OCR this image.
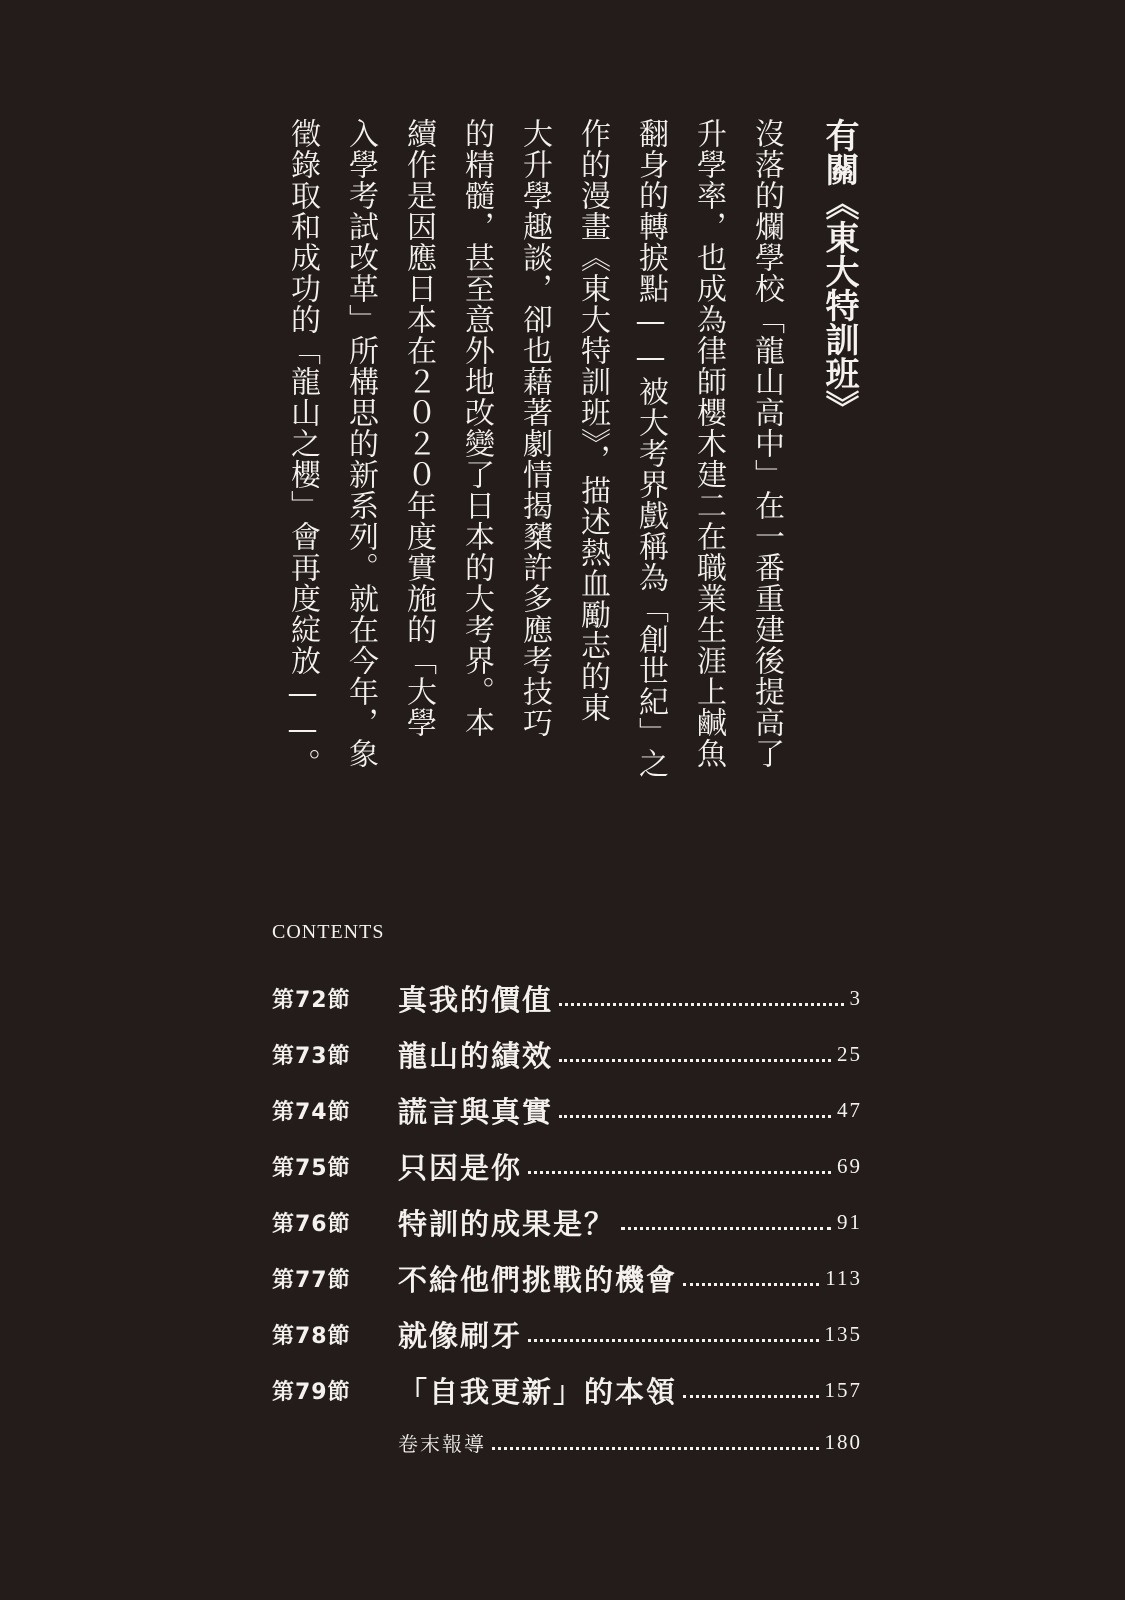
有關《東大特訓班》
沒落的爛學校「龍山高中」在一番重建後提高了
升學率，也成為律師櫻木建二在職業生涯上鹹魚
翻身的轉捩點——被大考界戲稱為「創世紀」之
作的漫畫《東大特訓班》，描述熱血勵志的東
大升學趣談，卻也藉著劇情揭櫫許多應考技巧
的精髓，甚至意外地改變了日本的大考界。本
續作是因應日本在２０２０年度實施的「大學
入學考試改革」所構思的新系列。就在今年，象
徵錄取和成功的「龍山之櫻」會再度綻放——。
CONTENTS
第72節	真我的價值	3
第73節	龍山的績效	25
第74節	謊言與真實	47
第75節	只因是你	69
第76節	特訓的成果是？	91
第77節	不給他們挑戰的機會	113
第78節	就像刷牙	135
第79節	「自我更新」的本領	157
卷末報導	180
